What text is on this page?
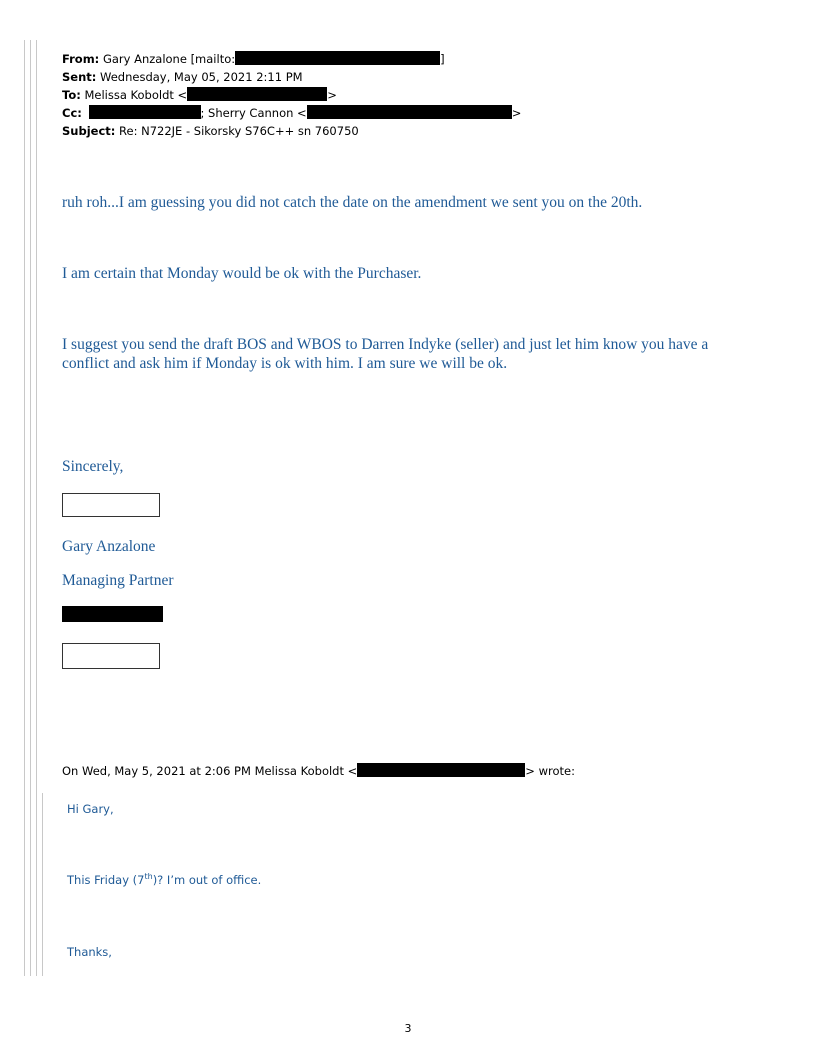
From: Gary Anzalone [mailto:	]
Sent: Wednesday, May 05, 2021 2:11 PM
To: Melissa Koboldt <	>
Cc:	; Sherry Cannon <	>
Subject: Re: N722JE - Sikorsky S76C++ sn 760750
ruh roh...I am guessing you did not catch the date on the amendment we sent you on the 20th.
I am certain that Monday would be ok with the Purchaser.
I suggest you send the draft BOS and WBOS to Darren Indyke (seller) and just let him know you have a conflict and ask him if Monday is ok with him. I am sure we will be ok.
Sincerely,
Gary Anzalone
Managing Partner
On Wed, May 5, 2021 at 2:06 PM Melissa Koboldt <	> wrote:
Hi Gary,
This Friday (7th)? I’m out of office.
Thanks,
3
